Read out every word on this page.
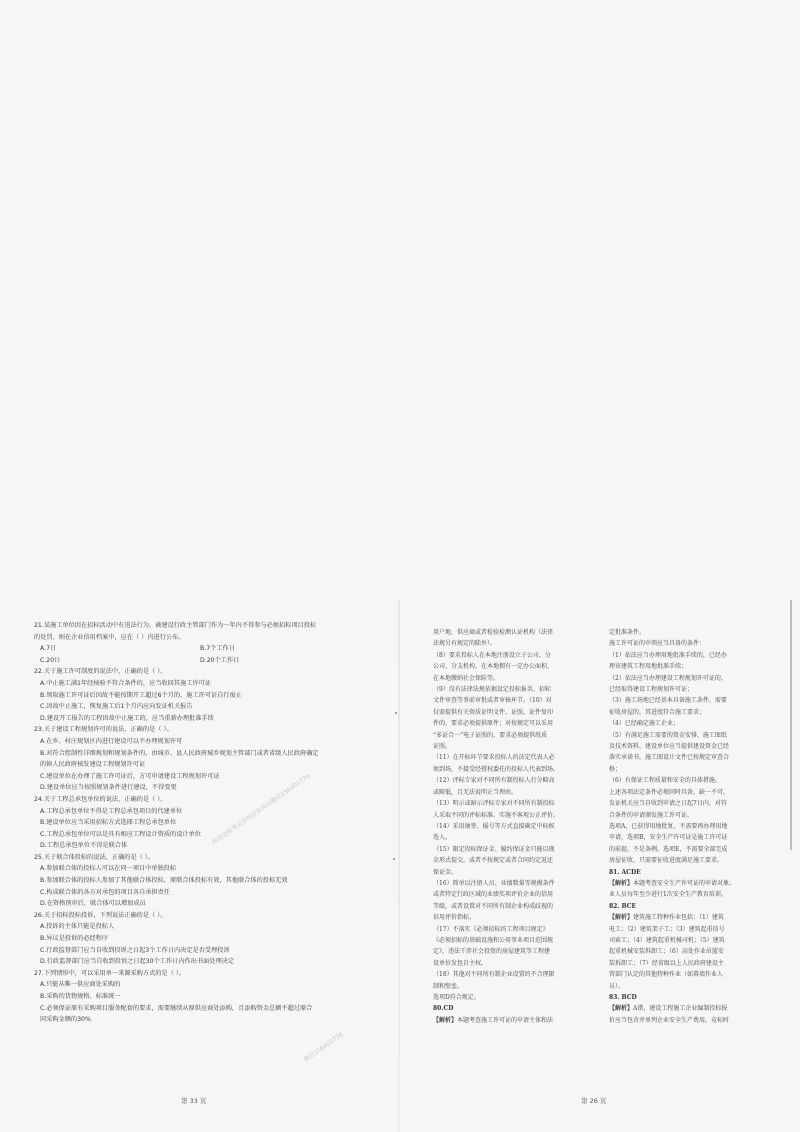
21.某施工单位因在招标活动中有违法行为，被建设行政主管部门作为一年内不得参与必须招标项目投标

的处罚，则在企业信用档案中，应在（ ）内进行公布。

A.7日	B.7个工作日
C.20日	D.20个工作日

22.关于施工许可制度的说法中，正确的是（ ）。

A.中止施工满1年经核验不符合条件的，应当收回其施工许可证

B.领取施工许可证后因故不能按期开工超过6个月的，施工许可证自行废止

C.因故中止施工，恢复施工后1个月内应向发证机关报告

D.建设开工报告的工程因故中止施工的，应当重新办理批准手续

23.关于建设工程规划许可的说法，正确的是（ ）。

A.在乡、村庄规划区内进行建设可以不办理规划许可

B.对符合控制性详细规划和规划条件的，由城市、县人民政府城乡规划主管部门或者省级人民政府确定

的镇人民政府核发建设工程规划许可证

C.建设单位在办理了施工许可证后，方可申请建设工程规划许可证

D.建设单位应当按照规划条件进行建设，不得变更

24.关于工程总承包单位的说法，正确的是（ ）。

A.工程总承包单位不得是工程总承包项目的代建单位

B.建设单位应当采用招标方式选择工程总承包单位

C.工程总承包单位可以是具有相应工程设计资质的设计单位

D.工程总承包单位不得是联合体

25.关于联合体投标的说法，正确的是（ ）。

A.参加联合体的投标人可以在同一项目中单独投标

B.参加联合体的投标人参加了其他联合体投标，原联合体投标有效，其他联合体的投标无效

C.构成联合体的各方对承包的项目各自承担责任

D.在资格预审后，联合体可以增加成员

26.关于招标投标投诉，下列说法正确的是（ ）。

A.投诉的主体只能是投标人

B.异议是投诉的必经程序

C.行政监督部门应当自收到投诉之日起3个工作日内决定是否受理投诉

D.行政监督部门应当自收到投诉之日起30个工作日内作出书面处理决定

27.下列情形中，可以采用单一来源采购方式的是（ ）。

A.只能从唯一供应商处采购的

B.采购的货物规格、标准统一

C.必须保证原有采购项目服务配套的要求，需要继续从原供应商处添购，且添购资金总额不超过原合

同采购金额的30%

第 33 页

用户地、供应商或者检验检测认证机构（法律

法规另有规定的除外）。

（8）要求投标人在本地注册设立子公司、分

公司、分支机构，在本地拥有一定办公面积，

在本地缴纳社会保险等。

（9）没有法律法规依据设定投标报名、招标

文件审查等事前审批或者审核环节。（10）对

仅需提供有关资质证明文件、证照、证件复印

件的，要求必须提供原件；对按规定可以采用

“多证合一”电子证照的，要求必须提供纸质

证照。

（11）在开标环节要求投标人的法定代表人必

须到场，不接受经授权委托的投标人代表到场。

（12）评标专家对不同所有制投标人打分畸高

或畸低，且无法说明正当理由。

（13）明示或暗示评标专家对不同所有制投标

人采取不同的评标标准、实施不客观公正评价。

（14）采用抽签、摇号等方式直接确定中标候

选人。

（15）限定投标保证金、履约保证金只能以现

金形式提交，或者不按规定或者合同约定返还

保证金。

（16）简单以注册人员、业绩数量等规模条件

或者特定行政区域的业绩奖项评价企业的信用

等级，或者设置对不同所有制企业构成歧视的

信用评价指标。

（17）不落实《必须招标的工程项目规定》

《必须招标的基础设施和公用事业项目范围规

定》，违法干涉社会投资的房屋建筑等工程建

设单位发包自主权。

（18）其他对不同所有制企业设置的不合理限

制和壁垒。

选项D符合规定。

80.CD

【解析】本题考查施工许可证的申请主体和法

定批准条件。

施工许可证的申领应当具备的条件：

（1）依法应当办理用地批准手续的，已经办

理该建筑工程用地批准手续；

（2）依法应当办理建设工程规划许可证的，

已经取得建设工程规划许可证；

（3）施工场地已经基本具备施工条件，需要

征收房屋的，其进度符合施工要求；

（4）已经确定施工企业；

（5）有满足施工需要的资金安排、施工图纸

及技术资料，建设单位应当提供建设资金已经

落实承诺书，施工图设计文件已按规定审查合

格；

（6）有保证工程质量和安全的具体措施。

上述各项法定条件必须同时具备，缺一不可。

发证机关应当自收到申请之日起7日内，对符

合条件的申请颁发施工许可证。

选项A，已获得用地批复，不需要再办理用地

申请，选项B，安全生产许可证是施工许可证

的前提，不是条例。选项E，不需要全部完成

房屋征收，只需要征收进度满足施工要求。

81. ACDE

【解析】本题考查安全生产许可证的申请对象。

业人员每年至少进行1次安全生产教育培训。

82. BCE

【解析】建筑施工特种作业包括：（1）建筑

电工；（2）建筑架子工；（3）建筑起重信号

司索工；（4）建筑起重机械司机；（5）建筑

起重机械安装拆卸工；（6）高处作业吊篮安

装拆卸工；（7）经省级以上人民政府建设主

管部门认定的其他特种作业（如幕墙作业人

员）。

83. BCD

【解析】A错，建设工程施工企业编制投标报

价应当包含并单列企业安全生产费用，竞标时

第 26 页
一级建造师考试资料获取请加微信156401776
微信156401776
